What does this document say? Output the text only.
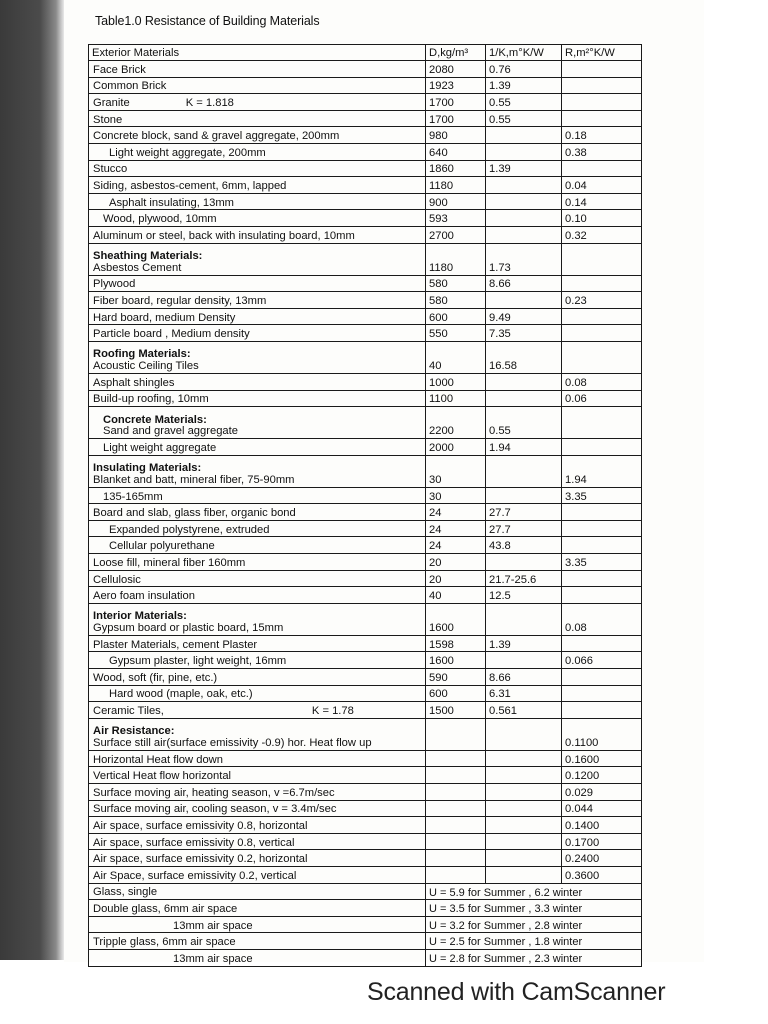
Table1.0 Resistance of Building Materials
Exterior Materials	D,kg/m³	1/K,m°K/W	R,m²°K/W
Face Brick	2080	0.76	
Common Brick	1923	1.39	
Granite K = 1.818	1700	0.55	
Stone	1700	0.55	
Concrete block, sand & gravel aggregate, 200mm	980		0.18
Light weight aggregate, 200mm	640		0.38
Stucco	1860	1.39	
Siding, asbestos-cement, 6mm, lapped	1180		0.04
Asphalt insulating, 13mm	900		0.14
Wood, plywood, 10mm	593		0.10
Aluminum or steel, back with insulating board, 10mm	2700		0.32

Sheathing Materials:
Asbestos Cement	1180	1.73	
Plywood	580	8.66	
Fiber board, regular density, 13mm	580		0.23
Hard board, medium Density	600	9.49	
Particle board , Medium density	550	7.35	

Roofing Materials:
Acoustic Ceiling Tiles	40	16.58	
Asphalt shingles	1000		0.08
Build-up roofing, 10mm	1100		0.06

Concrete Materials:
Sand and gravel aggregate	2200	0.55	
Light weight aggregate	2000	1.94	

Insulating Materials:
Blanket and batt, mineral fiber, 75-90mm	30		1.94
135-165mm	30		3.35
Board and slab, glass fiber, organic bond	24	27.7	
Expanded polystyrene, extruded	24	27.7	
Cellular polyurethane	24	43.8	
Loose fill, mineral fiber 160mm	20		3.35
Cellulosic	20	21.7-25.6	
Aero foam insulation	40	12.5	

Interior Materials:
Gypsum board or plastic board, 15mm	1600		0.08
Plaster Materials, cement Plaster	1598	1.39	
Gypsum plaster, light weight, 16mm	1600		0.066
Wood, soft (fir, pine, etc.)	590	8.66	
Hard wood (maple, oak, etc.)	600	6.31	
Ceramic Tiles, K = 1.78	1500	0.561	

Air Resistance:
Surface still air(surface emissivity -0.9) hor. Heat flow up			0.1100
Horizontal Heat flow down			0.1600
Vertical Heat flow horizontal			0.1200
Surface moving air, heating season, v =6.7m/sec			0.029
Surface moving air, cooling season, v = 3.4m/sec			0.044
Air space, surface emissivity 0.8, horizontal			0.1400
Air space, surface emissivity 0.8, vertical			0.1700
Air space, surface emissivity 0.2, horizontal			0.2400
Air Space, surface emissivity 0.2, vertical			0.3600
Glass, single	U = 5.9 for Summer , 6.2 winter		
Double glass, 6mm air space	U = 3.5 for Summer , 3.3 winter		
13mm air space	U = 3.2 for Summer , 2.8 winter		
Tripple glass, 6mm air space	U = 2.5 for Summer , 1.8 winter		
13mm air space	U = 2.8 for Summer , 2.3 winter		
Scanned with CamScanner
